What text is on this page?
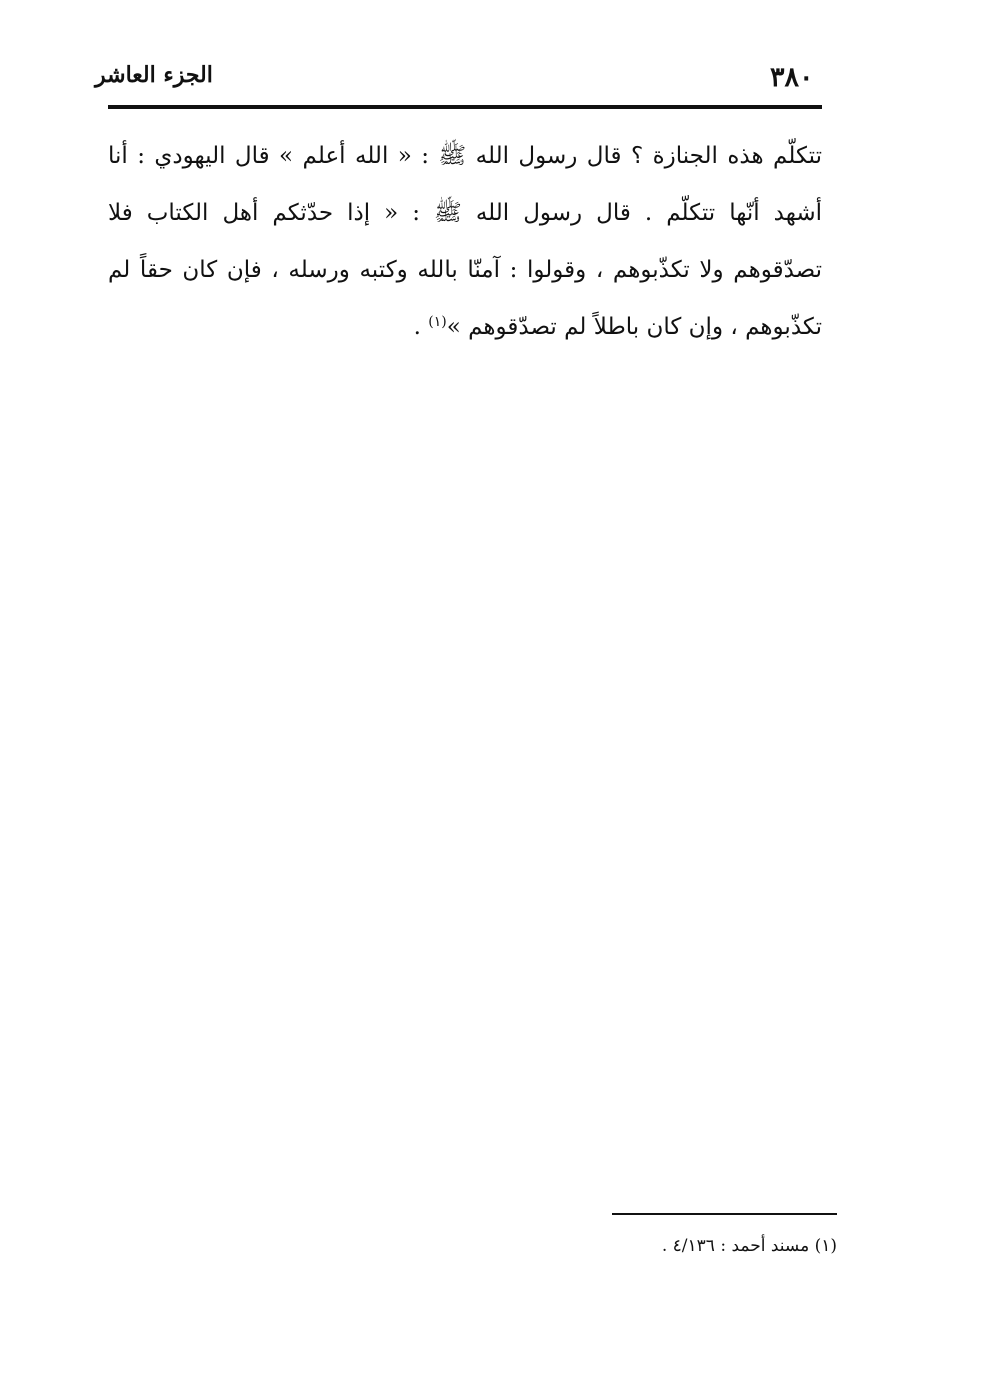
٣٨٠
الجزء العاشر

تتكلّم هذه الجنازة ؟ قال رسول الله ﷺ : « الله أعلم » قال اليهودي : أنا أشهد أنّها تتكلّم . قال رسول الله ﷺ : « إذا حدّثكم أهل الكتاب فلا تصدّقوهم ولا تكذّبوهم ، وقولوا : آمنّا بالله وكتبه ورسله ، فإن كان حقاً لم تكذّبوهم ، وإن كان باطلاً لم تصدّقوهم »$^{(١)}$ .

(١) مسند أحمد : ٤/١٣٦ .
